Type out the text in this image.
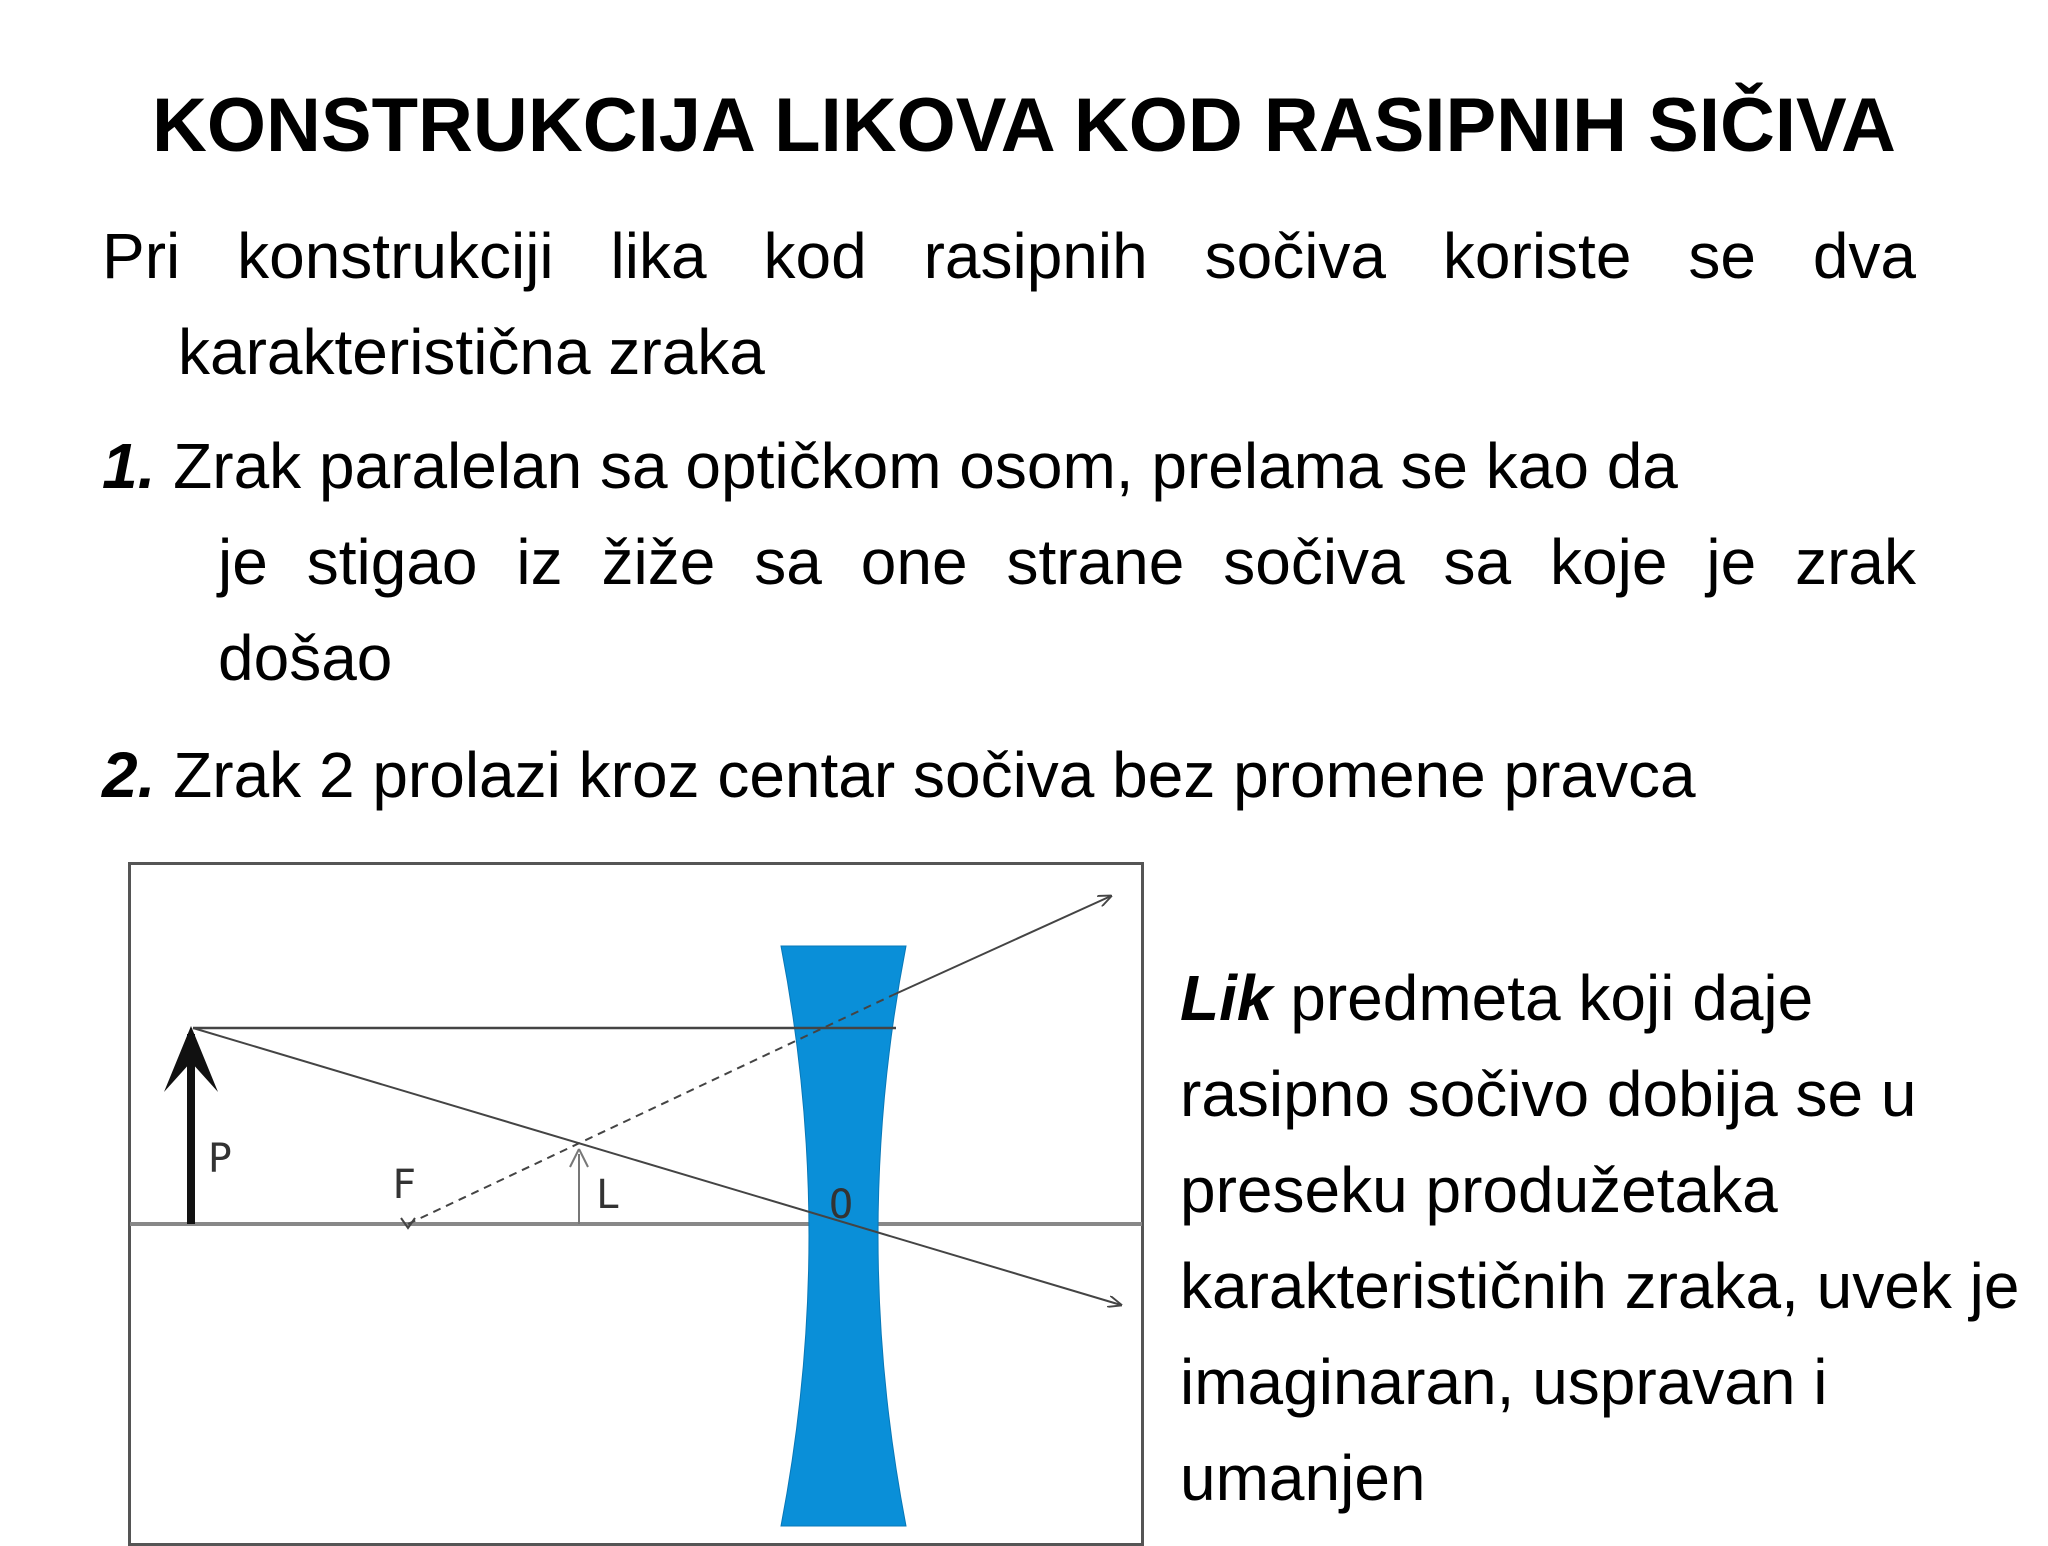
KONSTRUKCIJA LIKOVA KOD RASIPNIH SIČIVA

Pri konstrukciji lika kod rasipnih sočiva koriste se dva
karakteristična zraka

1. Zrak paralelan sa optičkom osom, prelama se kao da
je stigao iz žiže sa one strane sočiva sa koje je zrak
došao

2. Zrak 2 prolazi kroz centar sočiva bez promene pravca

P
F	L	O

Lik predmeta koji daje rasipno sočivo dobija se u preseku produžetaka karakterističnih zraka, uvek je imaginaran, uspravan i umanjen
